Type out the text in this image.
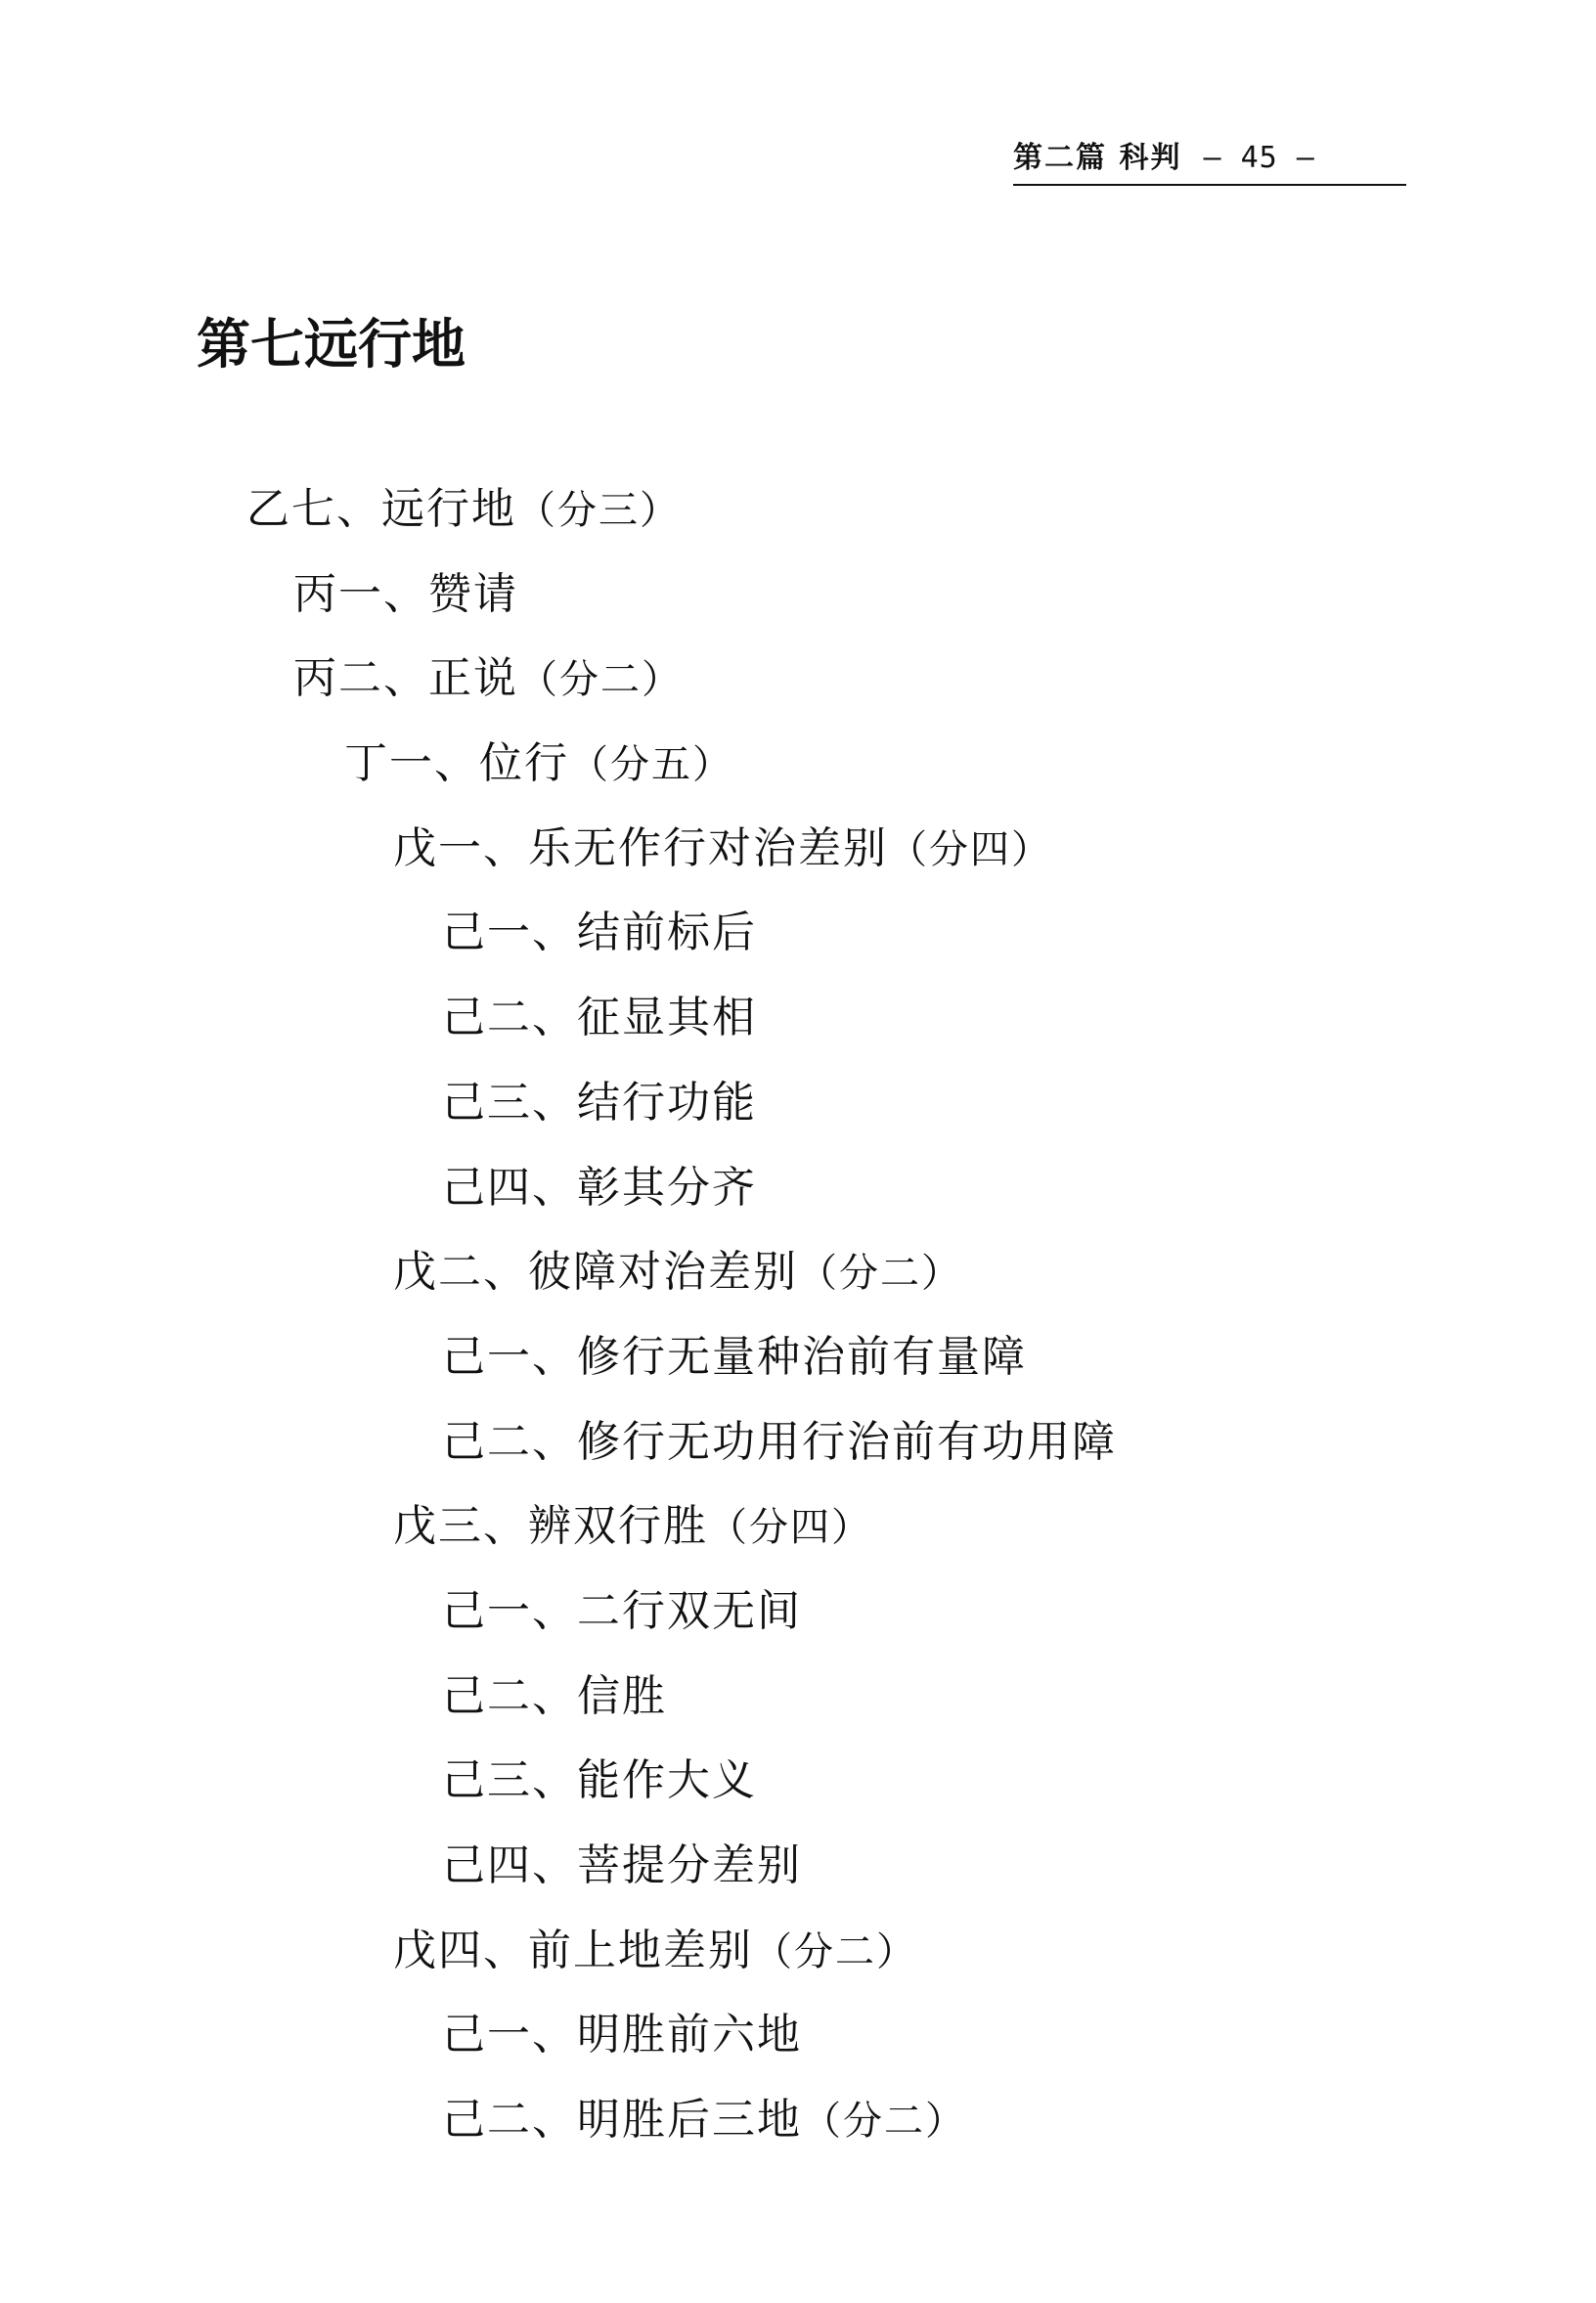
第二篇 科判 — 45 —
第七远行地
乙七、远行地（分三）
丙一、赞请
丙二、正说（分二）
丁一、位行（分五）
戊一、乐无作行对治差别（分四）
己一、结前标后
己二、征显其相
己三、结行功能
己四、彰其分齐
戊二、彼障对治差别（分二）
己一、修行无量种治前有量障
己二、修行无功用行治前有功用障
戊三、辨双行胜（分四）
己一、二行双无间
己二、信胜
己三、能作大义
己四、菩提分差别
戊四、前上地差别（分二）
己一、明胜前六地
己二、明胜后三地（分二）
